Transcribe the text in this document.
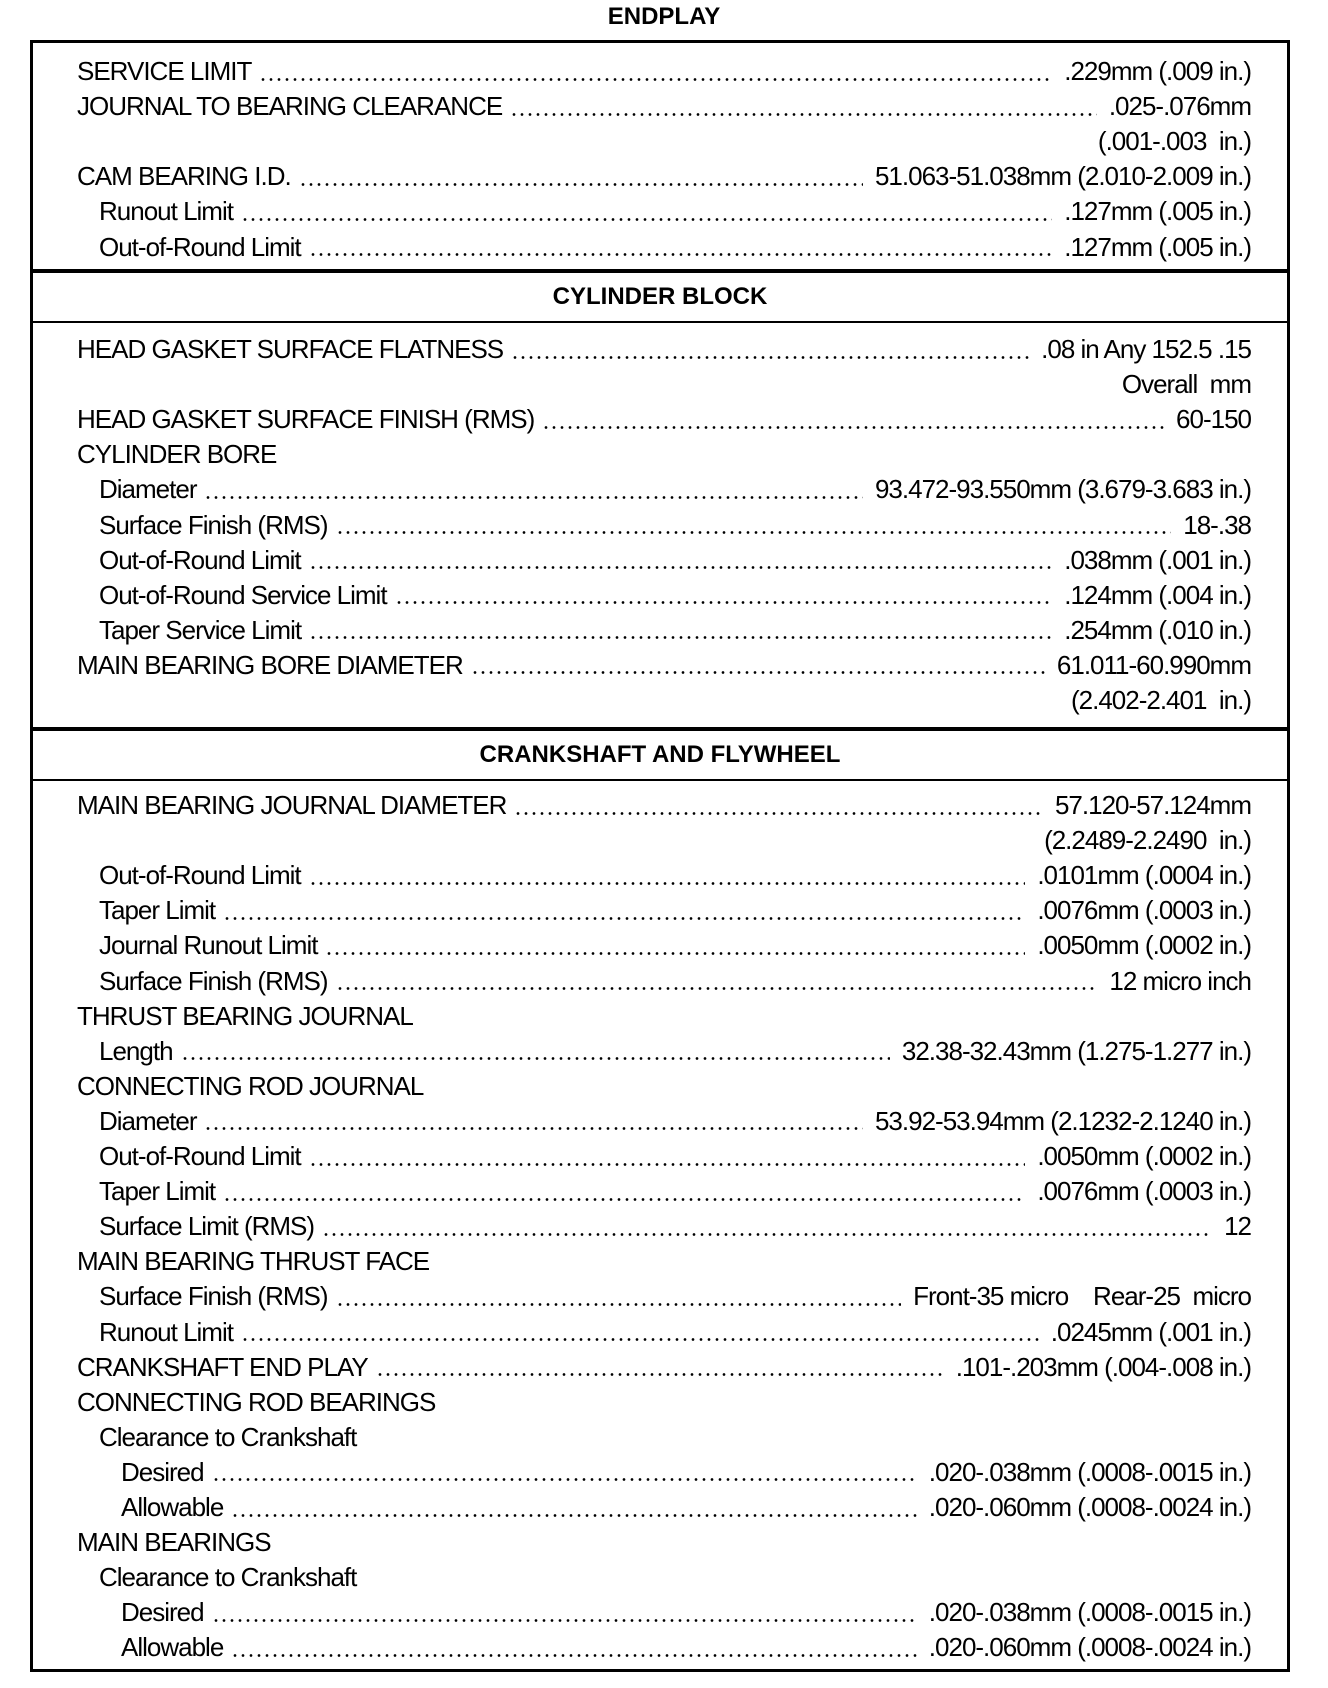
ENDPLAY
SERVICE LIMIT	.229mm (.009 in.)
JOURNAL TO BEARING CLEARANCE	.025-.076mm
(.001-.003  in.)
CAM BEARING I.D.	51.063-51.038mm (2.010-2.009 in.)
Runout Limit	.127mm (.005 in.)
Out-of-Round Limit	.127mm (.005 in.)
CYLINDER BLOCK
HEAD GASKET SURFACE FLATNESS	.08 in Any 152.5 .15
Overall  mm
HEAD GASKET SURFACE FINISH (RMS)	60-150
CYLINDER BORE
Diameter	93.472-93.550mm (3.679-3.683 in.)
Surface Finish (RMS)	18-.38
Out-of-Round Limit	.038mm (.001 in.)
Out-of-Round Service Limit	.124mm (.004 in.)
Taper Service Limit	.254mm (.010 in.)
MAIN BEARING BORE DIAMETER	61.011-60.990mm
(2.402-2.401  in.)
CRANKSHAFT AND FLYWHEEL
MAIN BEARING JOURNAL DIAMETER	57.120-57.124mm
(2.2489-2.2490  in.)
Out-of-Round Limit	.0101mm (.0004 in.)
Taper Limit	.0076mm (.0003 in.)
Journal Runout Limit	.0050mm (.0002 in.)
Surface Finish (RMS)	12 micro inch
THRUST BEARING JOURNAL
Length	32.38-32.43mm (1.275-1.277 in.)
CONNECTING ROD JOURNAL
Diameter	53.92-53.94mm (2.1232-2.1240 in.)
Out-of-Round Limit	.0050mm (.0002 in.)
Taper Limit	.0076mm (.0003 in.)
Surface Limit (RMS)	12
MAIN BEARING THRUST FACE
Surface Finish (RMS)	Front-35 micro    Rear-25  micro
Runout Limit	.0245mm (.001 in.)
CRANKSHAFT END PLAY	.101-.203mm (.004-.008 in.)
CONNECTING ROD BEARINGS
Clearance to Crankshaft
Desired	.020-.038mm (.0008-.0015 in.)
Allowable	.020-.060mm (.0008-.0024 in.)
MAIN BEARINGS
Clearance to Crankshaft
Desired	.020-.038mm (.0008-.0015 in.)
Allowable	.020-.060mm (.0008-.0024 in.)
